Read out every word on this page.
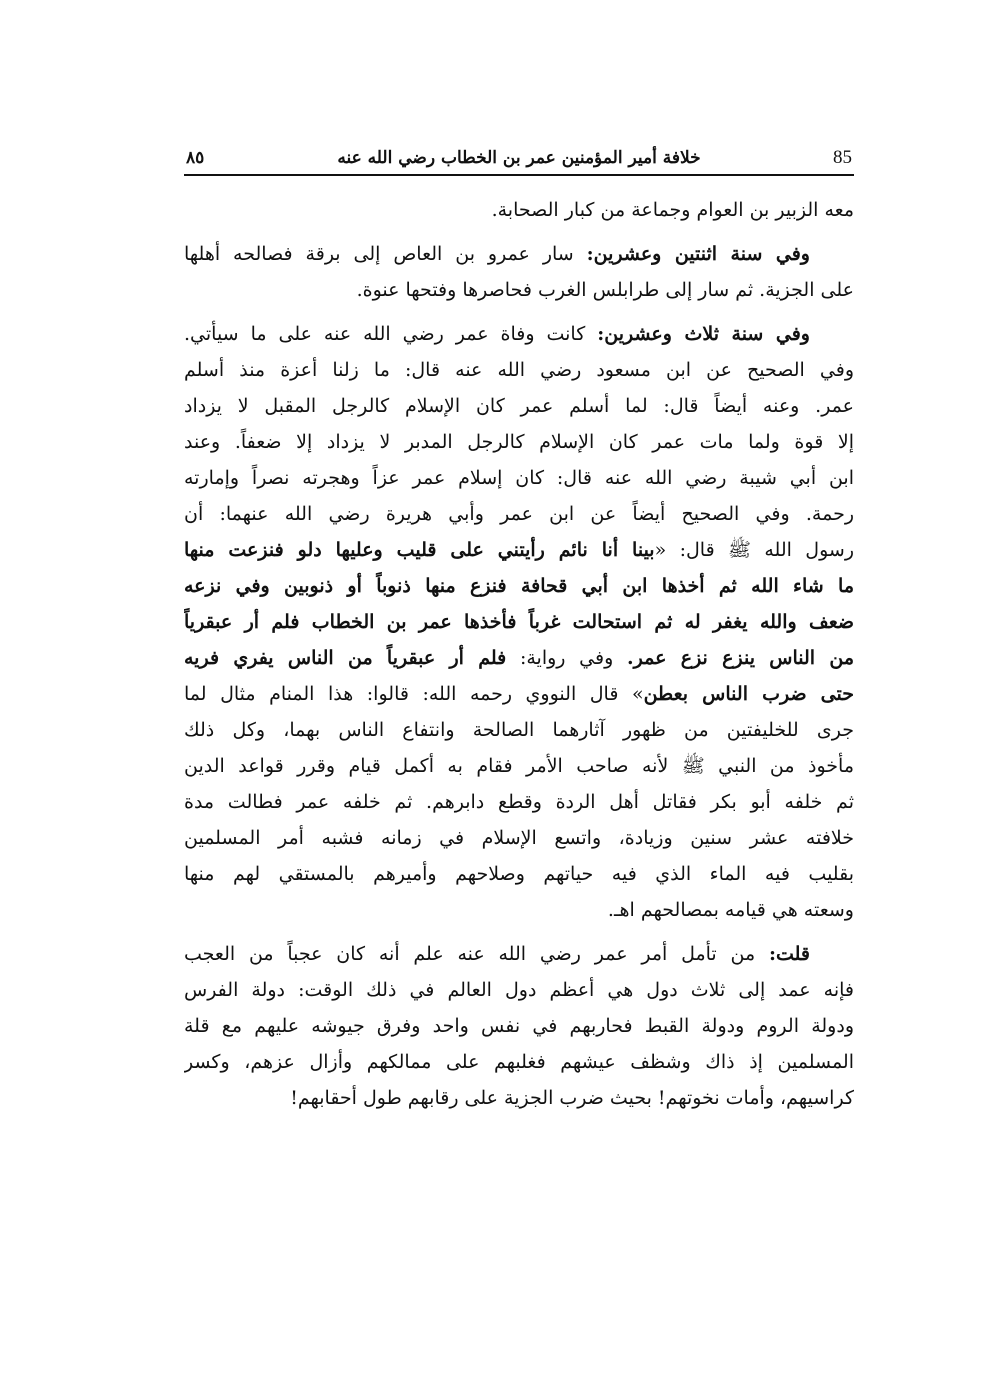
٨٥	خلافة أمير المؤمنين عمر بن الخطاب رضي الله عنه	85
معه الزبير بن العوام وجماعة من كبار الصحابة.
وفي سنة اثنتين وعشرين: سار عمرو بن العاص إلى برقة فصالحه أهلها
على الجزية. ثم سار إلى طرابلس الغرب فحاصرها وفتحها عنوة.
وفي سنة ثلاث وعشرين: كانت وفاة عمر رضي الله عنه على ما سيأتي.
وفي الصحيح عن ابن مسعود رضي الله عنه قال: ما زلنا أعزة منذ أسلم
عمر. وعنه أيضاً قال: لما أسلم عمر كان الإسلام كالرجل المقبل لا يزداد
إلا قوة ولما مات عمر كان الإسلام كالرجل المدبر لا يزداد إلا ضعفاً. وعند
ابن أبي شيبة رضي الله عنه قال: كان إسلام عمر عزاً وهجرته نصراً وإمارته
رحمة. وفي الصحيح أيضاً عن ابن عمر وأبي هريرة رضي الله عنهما: أن
رسول الله ﷺ قال: «بينا أنا نائم رأيتني على قليب وعليها دلو فنزعت منها
ما شاء الله ثم أخذها ابن أبي قحافة فنزع منها ذنوباً أو ذنوبين وفي نزعه
ضعف والله يغفر له ثم استحالت غرباً فأخذها عمر بن الخطاب فلم أر عبقرياً
من الناس ينزع نزع عمر. وفي رواية: فلم أر عبقرياً من الناس يفري فريه
حتى ضرب الناس بعطن» قال النووي رحمه الله: قالوا: هذا المنام مثال لما
جرى للخليفتين من ظهور آثارهما الصالحة وانتفاع الناس بهما، وكل ذلك
مأخوذ من النبي ﷺ لأنه صاحب الأمر فقام به أكمل قيام وقرر قواعد الدين
ثم خلفه أبو بكر فقاتل أهل الردة وقطع دابرهم. ثم خلفه عمر فطالت مدة
خلافته عشر سنين وزيادة، واتسع الإسلام في زمانه فشبه أمر المسلمين
بقليب فيه الماء الذي فيه حياتهم وصلاحهم وأميرهم بالمستقي لهم منها
وسعته هي قيامه بمصالحهم اهـ.
قلت: من تأمل أمر عمر رضي الله عنه علم أنه كان عجباً من العجب
فإنه عمد إلى ثلاث دول هي أعظم دول العالم في ذلك الوقت: دولة الفرس
ودولة الروم ودولة القبط فحاربهم في نفس واحد وفرق جيوشه عليهم مع قلة
المسلمين إذ ذاك وشظف عيشهم فغلبهم على ممالكهم وأزال عزهم، وكسر
كراسيهم، وأمات نخوتهم! بحيث ضرب الجزية على رقابهم طول أحقابهم!
